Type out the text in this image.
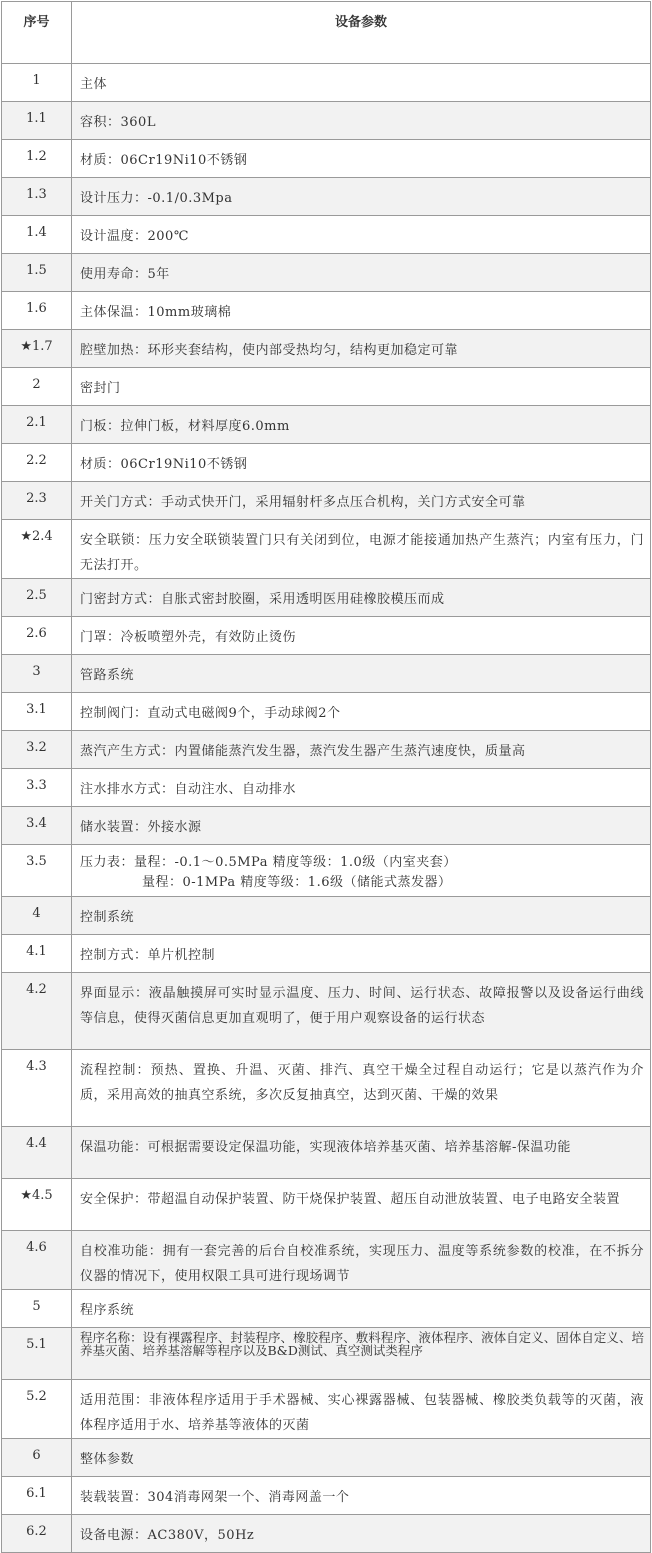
序号	设备参数
1	主体
1.1	容积：360L
1.2	材质：06Cr19Ni10不锈钢
1.3	设计压力：-0.1/0.3Mpa
1.4	设计温度：200℃
1.5	使用寿命：5年
1.6	主体保温：10mm玻璃棉
★1.7	腔壁加热：环形夹套结构，使内部受热均匀，结构更加稳定可靠
2	密封门
2.1	门板：拉伸门板，材料厚度6.0mm
2.2	材质：06Cr19Ni10不锈钢
2.3	开关门方式：手动式快开门，采用辐射杆多点压合机构，关门方式安全可靠
★2.4	安全联锁：压力安全联锁装置门只有关闭到位，电源才能接通加热产生蒸汽；内室有压力，门无法打开。
2.5	门密封方式：自胀式密封胶圈，采用透明医用硅橡胶模压而成
2.6	门罩：冷板喷塑外壳，有效防止烫伤
3	管路系统
3.1	控制阀门：直动式电磁阀9个，手动球阀2个
3.2	蒸汽产生方式：内置储能蒸汽发生器，蒸汽发生器产生蒸汽速度快，质量高
3.3	注水排水方式：自动注水、自动排水
3.4	储水装置：外接水源
3.5	压力表：量程：-0.1～0.5MPa 精度等级：1.0级（内室夹套）
量程：0-1MPa 精度等级：1.6级（储能式蒸发器）

4	控制系统
4.1	控制方式：单片机控制
4.2	界面显示：液晶触摸屏可实时显示温度、压力、时间、运行状态、故障报警以及设备运行曲线等信息，使得灭菌信息更加直观明了，便于用户观察设备的运行状态
4.3	流程控制：预热、置换、升温、灭菌、排汽、真空干燥全过程自动运行；它是以蒸汽作为介质，采用高效的抽真空系统，多次反复抽真空，达到灭菌、干燥的效果
4.4	保温功能：可根据需要设定保温功能，实现液体培养基灭菌、培养基溶解-保温功能
★4.5	安全保护：带超温自动保护装置、防干烧保护装置、超压自动泄放装置、电子电路安全装置
4.6	自校准功能：拥有一套完善的后台自校准系统，实现压力、温度等系统参数的校准，在不拆分仪器的情况下，使用权限工具可进行现场调节
5	程序系统
5.1	程序名称：设有裸露程序、封装程序、橡胶程序、敷料程序、液体程序、液体自定义、固体自定义、培养基灭菌、培养基溶解等程序以及B&D测试、真空测试类程序
5.2	适用范围：非液体程序适用于手术器械、实心裸露器械、包装器械、橡胶类负载等的灭菌，液体程序适用于水、培养基等液体的灭菌
6	整体参数
6.1	装载装置：304消毒网架一个、消毒网盖一个
6.2	设备电源：AC380V，50Hz
